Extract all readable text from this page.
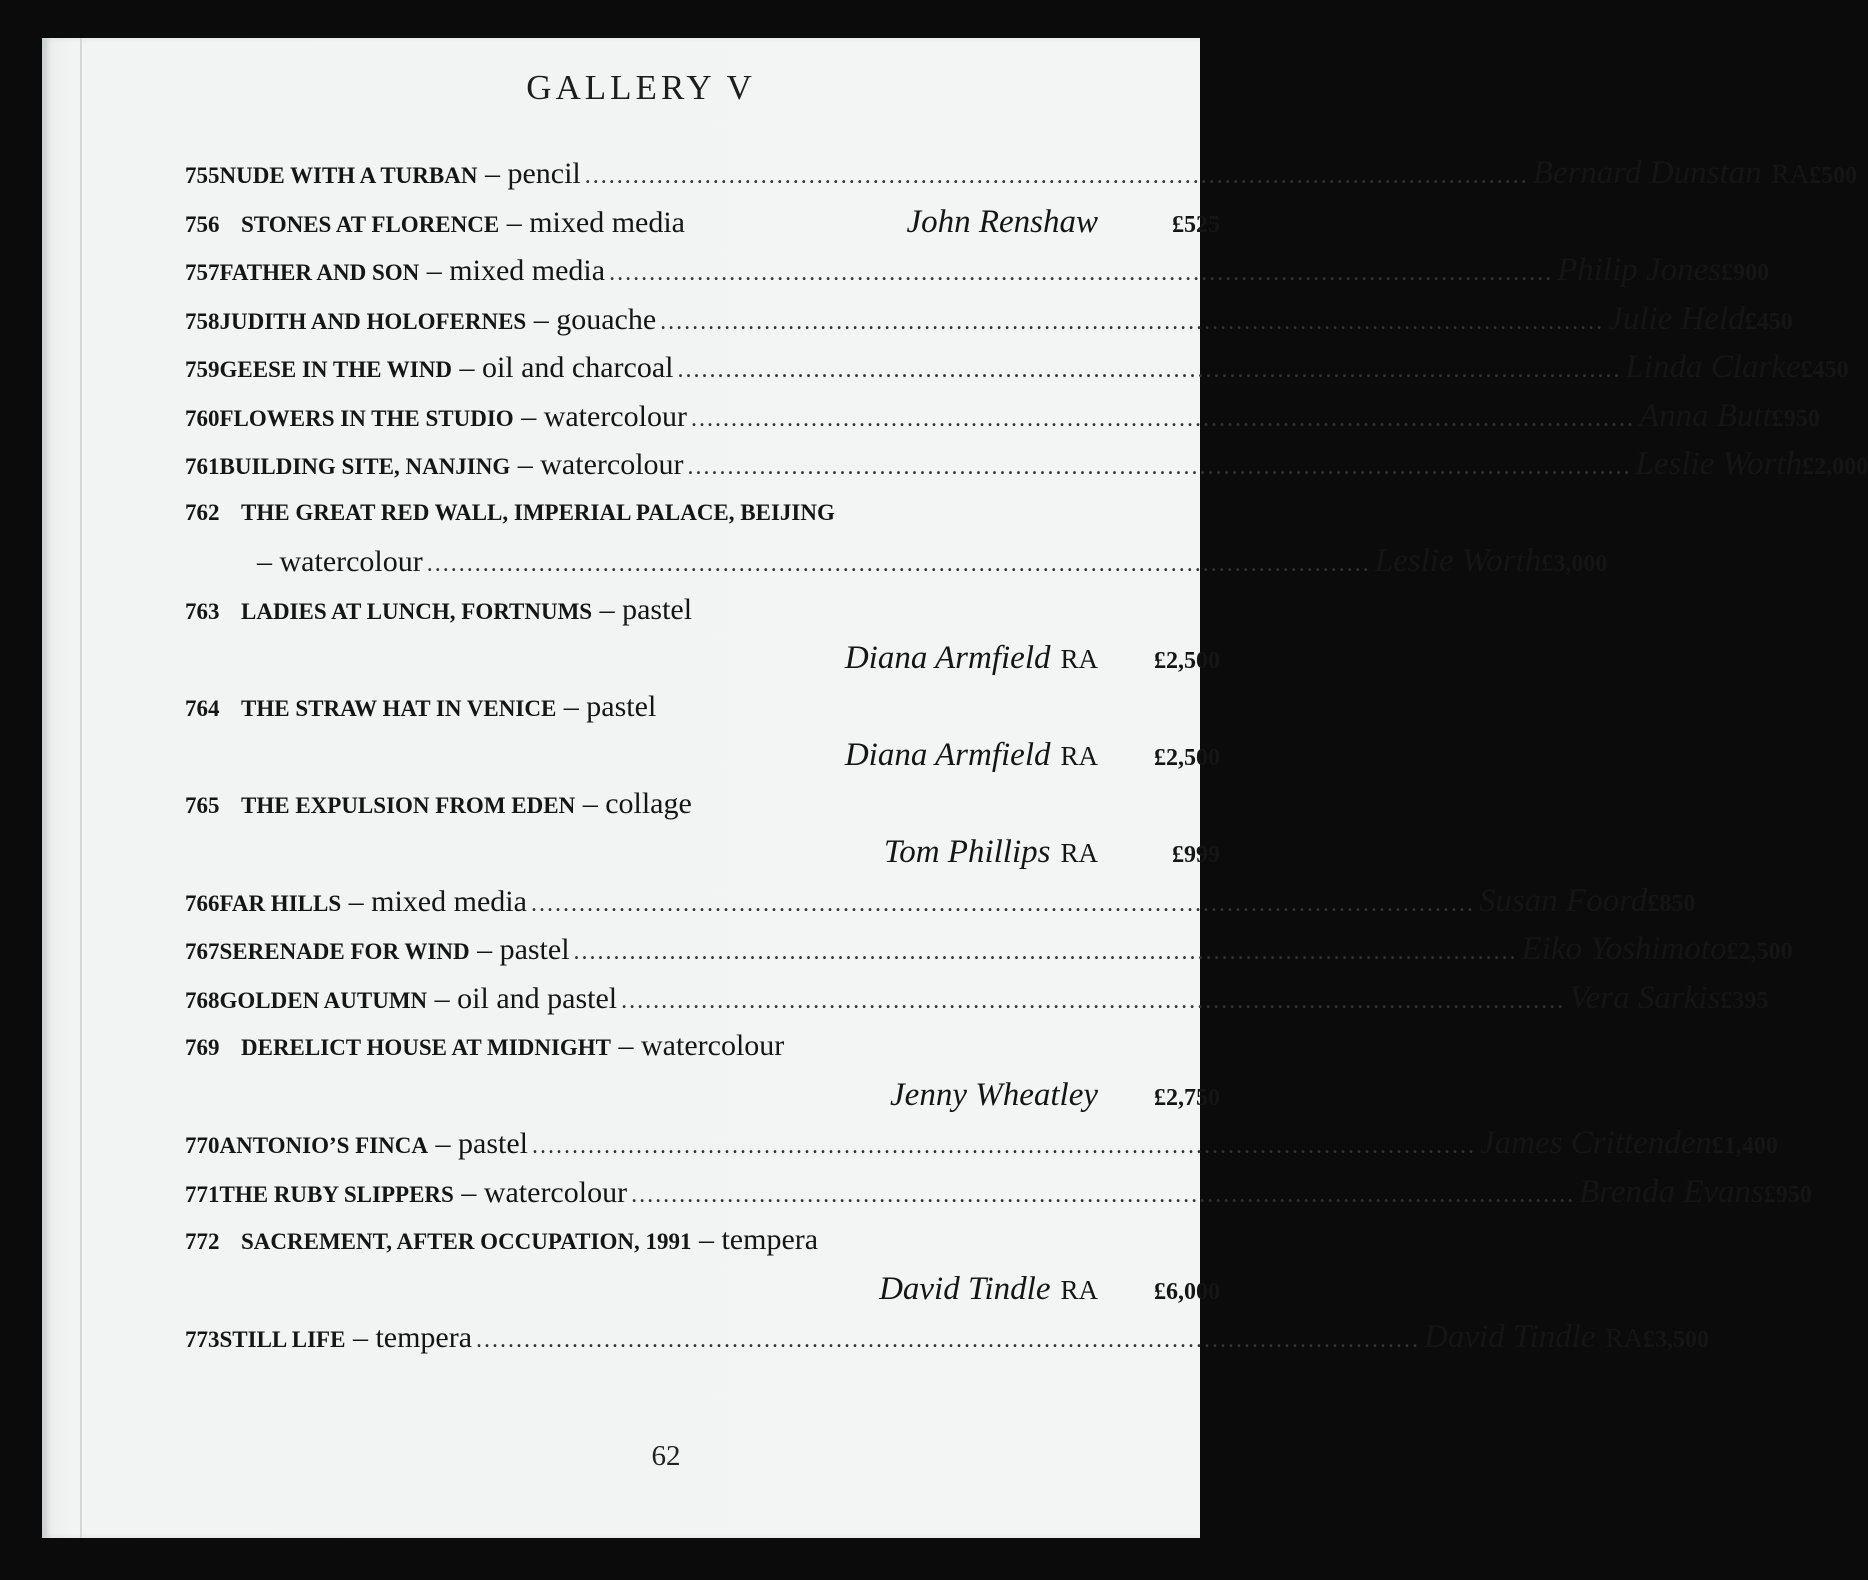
GALLERY V
755 NUDE WITH A TURBAN – pencil .....	Bernard Dunstan RA £500
756 STONES AT FLORENCE – mixed media	John Renshaw	£525
757 FATHER AND SON – mixed media .....	Philip Jones £900
758 JUDITH AND HOLOFERNES – gouache .....	Julie Held £450
759 GEESE IN THE WIND – oil and charcoal .....	Linda Clarke £450
760 FLOWERS IN THE STUDIO – watercolour .....	Anna Butt £950
761 BUILDING SITE, NANJING – watercolour .....	Leslie Worth £2,000
762 THE GREAT RED WALL, IMPERIAL PALACE, BEIJING
– watercolour .....	Leslie Worth £3,000
763 LADIES AT LUNCH, FORTNUMS – pastel
Diana Armfield RA	£2,500
764 THE STRAW HAT IN VENICE – pastel
Diana Armfield RA	£2,500
765 THE EXPULSION FROM EDEN – collage
Tom Phillips RA	£999
766 FAR HILLS – mixed media .....	Susan Foord £850
767 SERENADE FOR WIND – pastel .....	Eiko Yoshimoto £2,500
768 GOLDEN AUTUMN – oil and pastel .....	Vera Sarkis £395
769 DERELICT HOUSE AT MIDNIGHT – watercolour
Jenny Wheatley	£2,750
770 ANTONIO’S FINCA – pastel .....	James Crittenden £1,400
771 THE RUBY SLIPPERS – watercolour .....	Brenda Evans £950
772 SACREMENT, AFTER OCCUPATION, 1991 – tempera
David Tindle RA	£6,000
773 STILL LIFE – tempera .....	David Tindle RA £3,500
62
